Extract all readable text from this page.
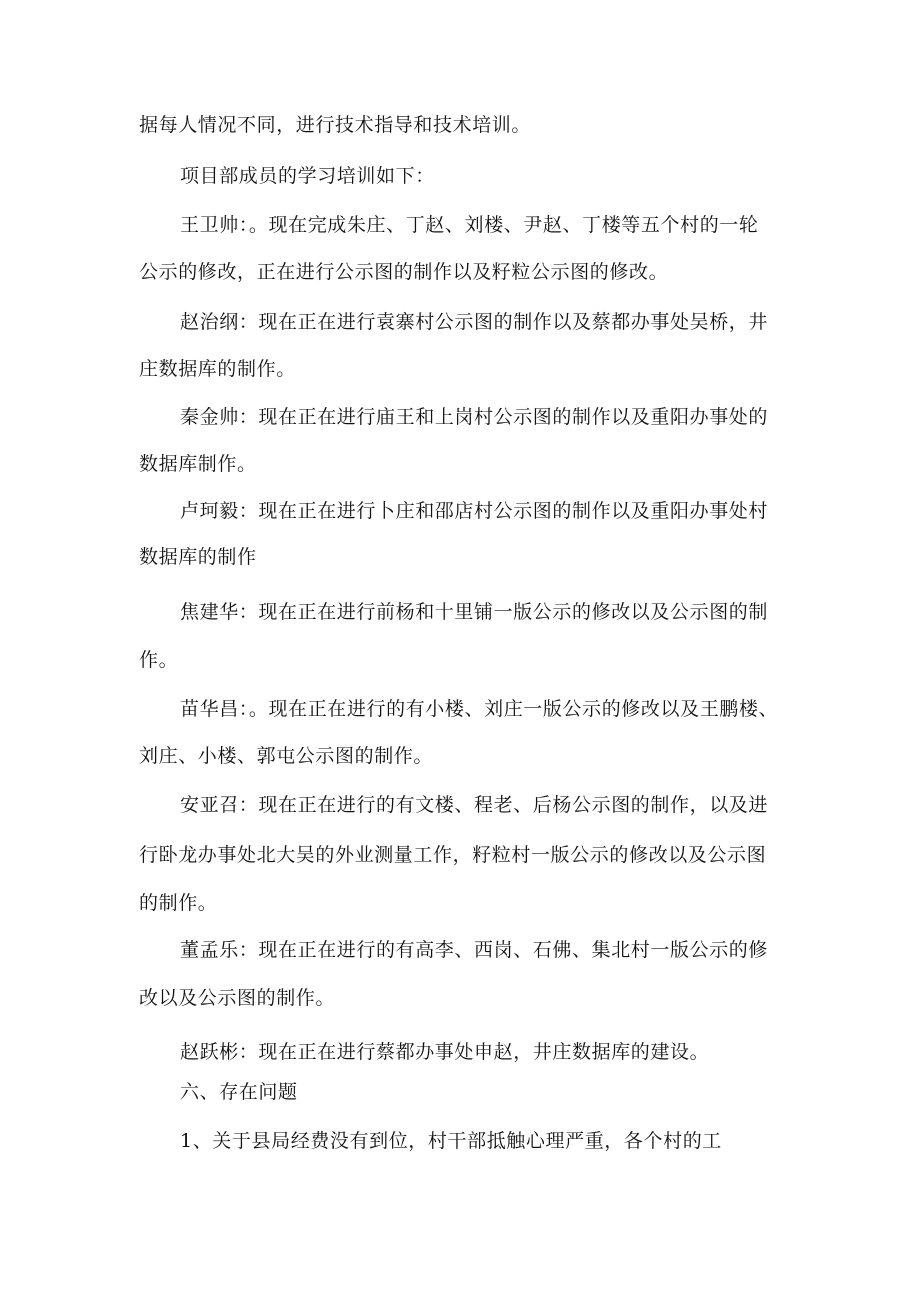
据每人情况不同，进行技术指导和技术培训。
项目部成员的学习培训如下：
王卫帅：。现在完成朱庄、丁赵、刘楼、尹赵、丁楼等五个村的一轮
公示的修改，正在进行公示图的制作以及籽粒公示图的修改。
赵治纲：现在正在进行袁寨村公示图的制作以及蔡都办事处吴桥，井
庄数据库的制作。
秦金帅：现在正在进行庙王和上岗村公示图的制作以及重阳办事处的
数据库制作。
卢珂毅：现在正在进行卜庄和邵店村公示图的制作以及重阳办事处村
数据库的制作
焦建华：现在正在进行前杨和十里铺一版公示的修改以及公示图的制
作。
苗华昌：。现在正在进行的有小楼、刘庄一版公示的修改以及王鹏楼、
刘庄、小楼、郭屯公示图的制作。
安亚召：现在正在进行的有文楼、程老、后杨公示图的制作，以及进
行卧龙办事处北大吴的外业测量工作，籽粒村一版公示的修改以及公示图
的制作。
董孟乐：现在正在进行的有高李、西岗、石佛、集北村一版公示的修
改以及公示图的制作。
赵跃彬：现在正在进行蔡都办事处申赵，井庄数据库的建设。
六、存在问题
1、关于县局经费没有到位，村干部抵触心理严重，各个村的工
